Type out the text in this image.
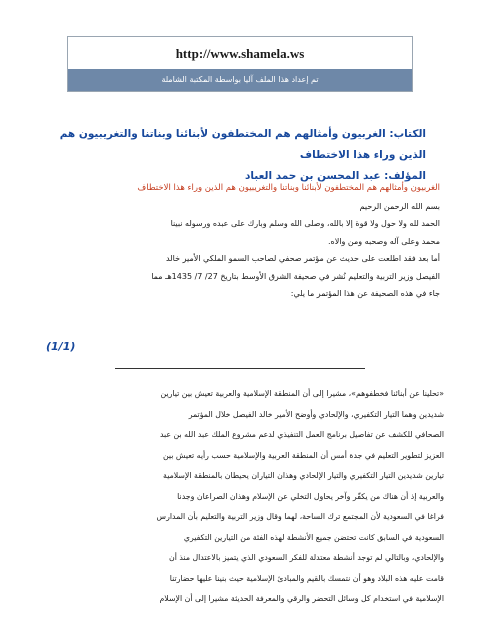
http://www.shamela.ws
تم إعداد هذا الملف آليا بواسطة المكتبة الشاملة
الكتاب: الغربيون وأمثالهم هم المختطفون لأبنائنا وبناتنا والتغريبيون هم
الذين وراء هذا الاختطاف
المؤلف: عبد المحسن بن حمد العباد
الغربيون وأمثالهم هم المختطفون لأبنائنا وبناتنا والتغريبيون هم الذين وراء هذا الاختطاف
بسم الله الرحمن الرحيم
الحمد لله ولا حول ولا قوة إلا بالله، وصلى الله وسلم وبارك على عبده ورسوله نبينا
محمد وعلى آله وصحبه ومن والاه.
أما بعد فقد اطلعت على حديث عن مؤتمر صحفي لصاحب السمو الملكي الأمير خالد
الفيصل وزير التربية والتعليم نُشر في صحيفة الشرق الأوسط بتاريخ 27/ 7/ 1435هـ مما
جاء في هذه الصحيفة عن هذا المؤتمر ما يلي:
(1/1)
«تحلينا عن أبنائنا فخطفوهم»، مشيرا إلى أن المنطقة الإسلامية والعربية تعيش بين تيارين
شديدين وهما التيار التكفيري، والإلحادي وأوضح الأمير خالد الفيصل خلال المؤتمر
الصحافي للكشف عن تفاصيل برنامج العمل التنفيذي لدعم مشروع الملك عبد الله بن عبد
العزيز لتطوير التعليم في جدة أمس أن المنطقة العربية والإسلامية حسب رأيه تعيش بين
تيارين شديدين التيار التكفيري والتيار الإلحادي وهذان التياران يحيطان بالمنطقة الإسلامية
والعربية إذ أن هناك من يكفّر وآخر يحاول التخلي عن الإسلام وهذان الصراعان وجدنا
فراغا في السعودية لأن المجتمع ترك الساحة، لهما وقال وزير التربية والتعليم بأن المدارس
السعودية في السابق كانت تحتضن جميع الأنشطة لهذه الفئة من التيارين التكفيري
والإلحادي، وبالتالي لم توجد أنشطة معتدلة للفكر السعودي الذي يتميز بالاعتدال منذ أن
قامت عليه هذه البلاد وهو أن نتمسك بالقيم والمبادئ الإسلامية حيث بنينا عليها حضارتنا
الإسلامية في استخدام كل وسائل التحضر والرقي والمعرفة الحديثة مشيرا إلى أن الإسلام
